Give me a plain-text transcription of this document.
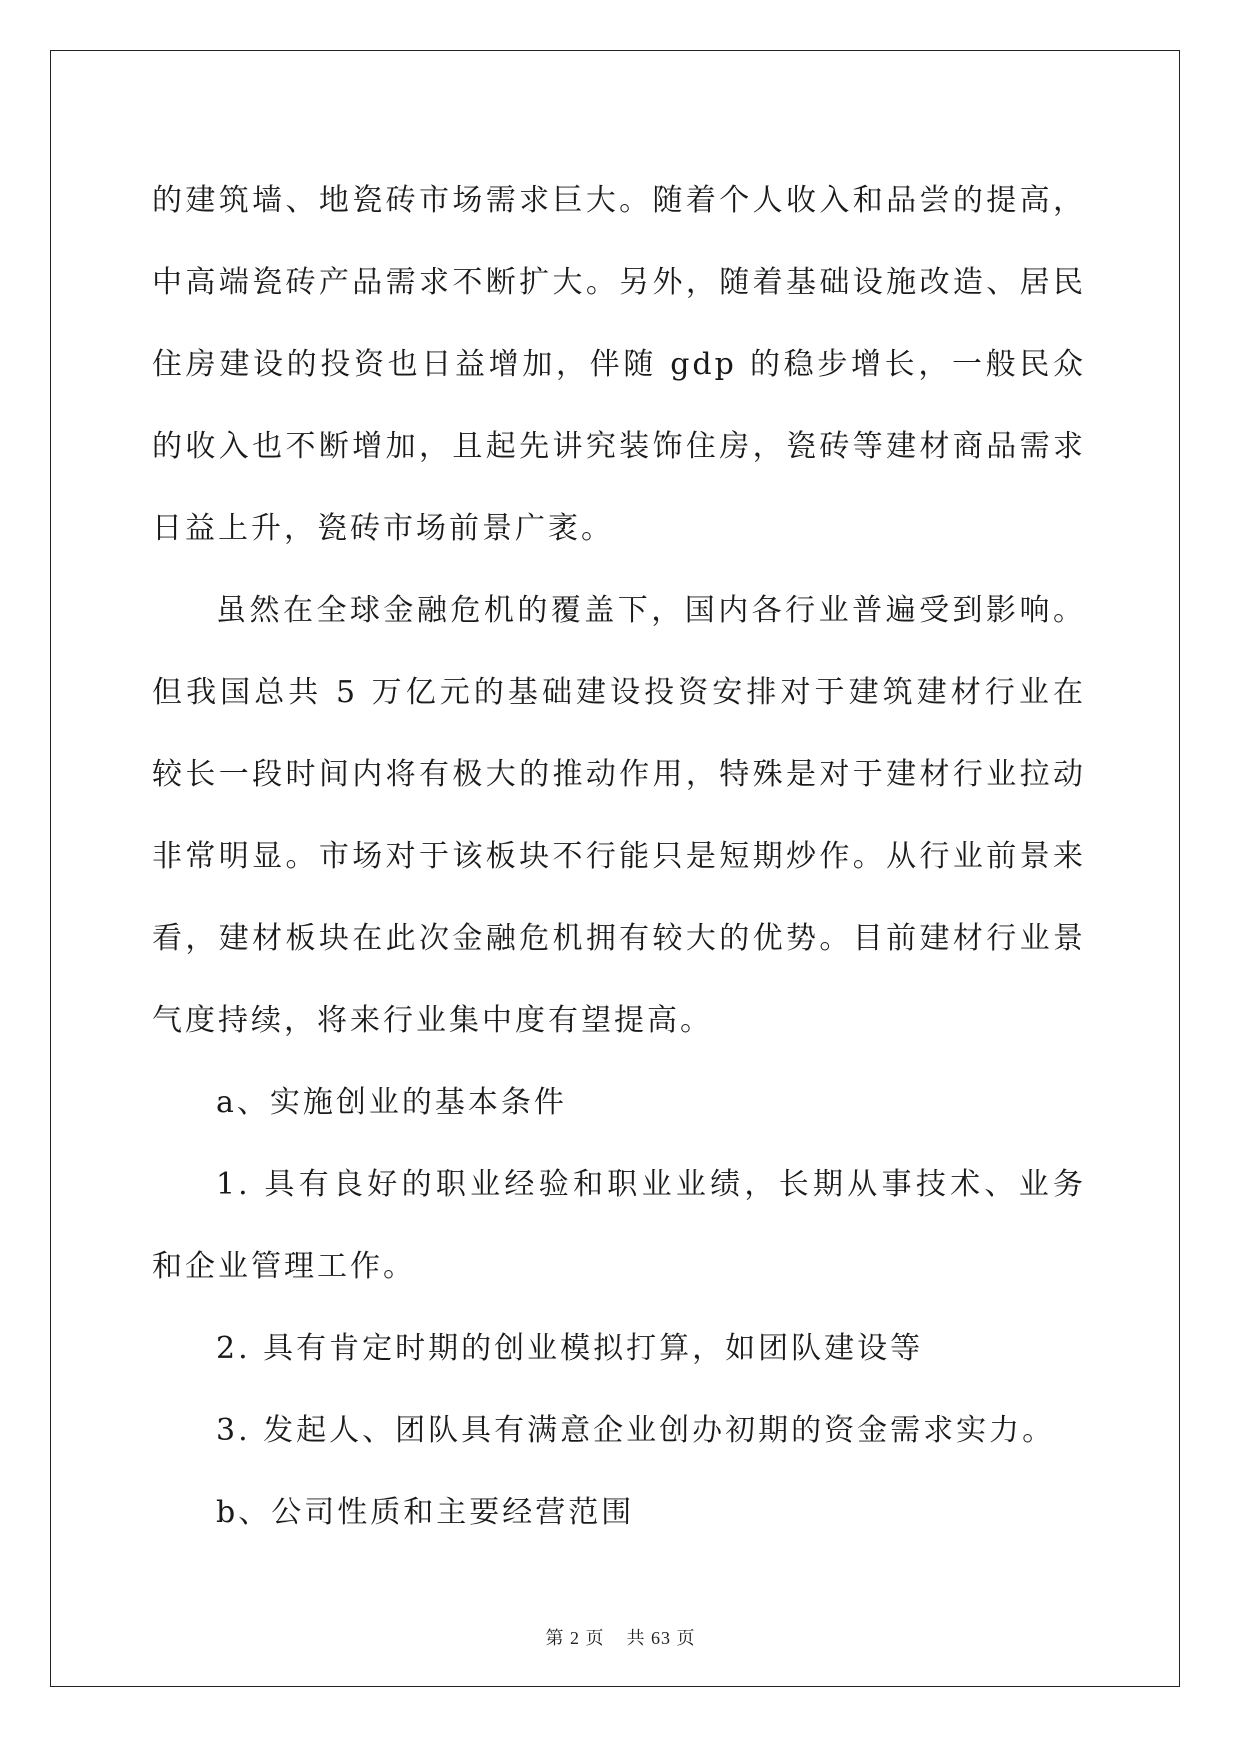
的建筑墙、地瓷砖市场需求巨大。随着个人收入和品尝的提高，中高端瓷砖产品需求不断扩大。另外，随着基础设施改造、居民住房建设的投资也日益增加，伴随 gdp 的稳步增长，一般民众的收入也不断增加，且起先讲究装饰住房，瓷砖等建材商品需求日益上升，瓷砖市场前景广袤。

虽然在全球金融危机的覆盖下，国内各行业普遍受到影响。但我国总共 5 万亿元的基础建设投资安排对于建筑建材行业在较长一段时间内将有极大的推动作用，特殊是对于建材行业拉动非常明显。市场对于该板块不行能只是短期炒作。从行业前景来看，建材板块在此次金融危机拥有较大的优势。目前建材行业景气度持续，将来行业集中度有望提高。

a、实施创业的基本条件

1. 具有良好的职业经验和职业业绩，长期从事技术、业务和企业管理工作。

2. 具有肯定时期的创业模拟打算，如团队建设等

3. 发起人、团队具有满意企业创办初期的资金需求实力。

b、公司性质和主要经营范围

第 2 页 共 63 页
